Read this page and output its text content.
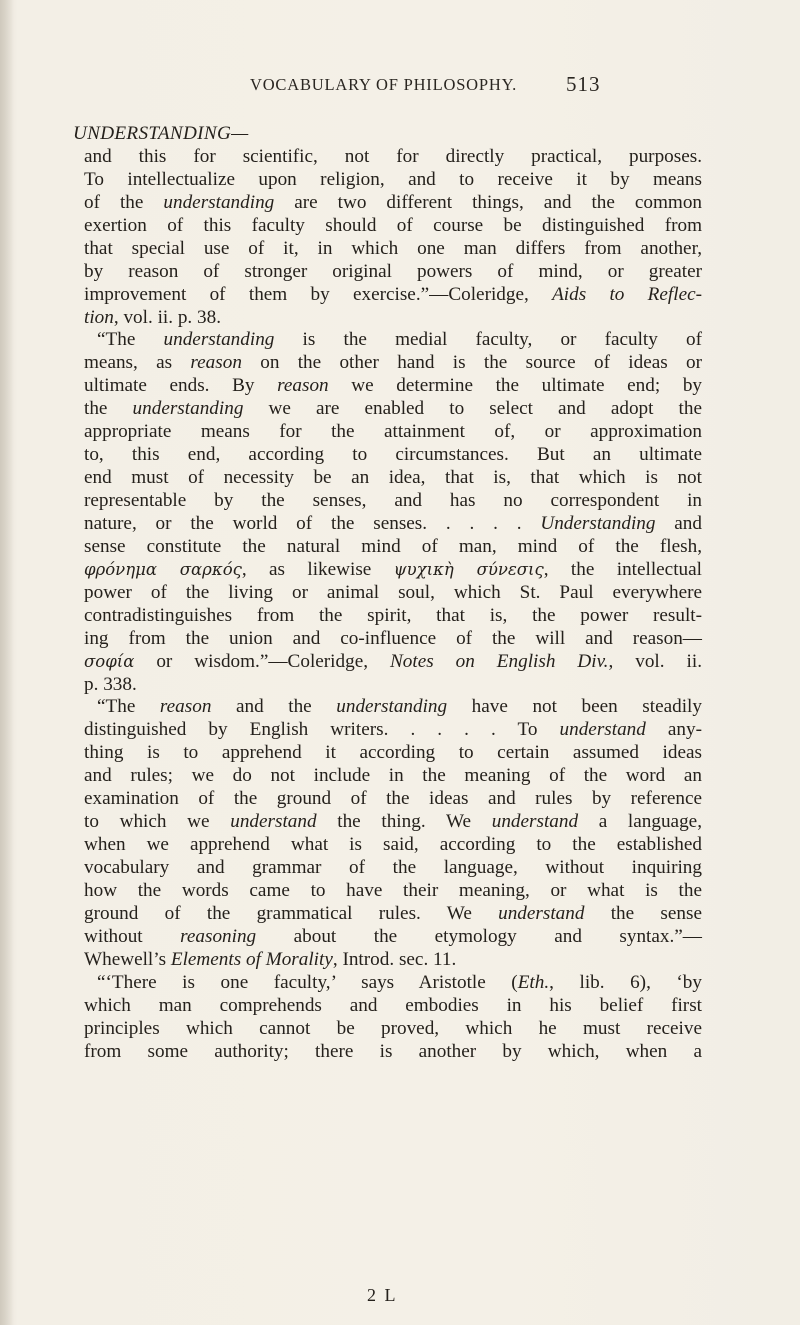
VOCABULARY OF PHILOSOPHY. 513
UNDERSTANDING—
and this for scientific, not for directly practical, purposes.
To intellectualize upon religion, and to receive it by means
of the understanding are two different things, and the common
exertion of this faculty should of course be distinguished from
that special use of it, in which one man differs from another,
by reason of stronger original powers of mind, or greater
improvement of them by exercise.”—Coleridge, Aids to Reflec-
tion, vol. ii. p. 38.
“The understanding is the medial faculty, or faculty of
means, as reason on the other hand is the source of ideas or
ultimate ends. By reason we determine the ultimate end; by
the understanding we are enabled to select and adopt the
appropriate means for the attainment of, or approximation
to, this end, according to circumstances. But an ultimate
end must of necessity be an idea, that is, that which is not
representable by the senses, and has no correspondent in
nature, or the world of the senses. . . . . Understanding and
sense constitute the natural mind of man, mind of the flesh,
φρόνημα σαρκός, as likewise ψυχικὴ σύνεσις, the intellectual
power of the living or animal soul, which St. Paul everywhere
contradistinguishes from the spirit, that is, the power result-
ing from the union and co-influence of the will and reason—
σοφία or wisdom.”—Coleridge, Notes on English Div., vol. ii.
p. 338.
“The reason and the understanding have not been steadily
distinguished by English writers. . . . . To understand any-
thing is to apprehend it according to certain assumed ideas
and rules; we do not include in the meaning of the word an
examination of the ground of the ideas and rules by reference
to which we understand the thing. We understand a language,
when we apprehend what is said, according to the established
vocabulary and grammar of the language, without inquiring
how the words came to have their meaning, or what is the
ground of the grammatical rules. We understand the sense
without reasoning about the etymology and syntax.”—
Whewell’s Elements of Morality, Introd. sec. 11.
“‘There is one faculty,’ says Aristotle (Eth., lib. 6), ‘by
which man comprehends and embodies in his belief first
principles which cannot be proved, which he must receive
from some authority; there is another by which, when a
2 L
